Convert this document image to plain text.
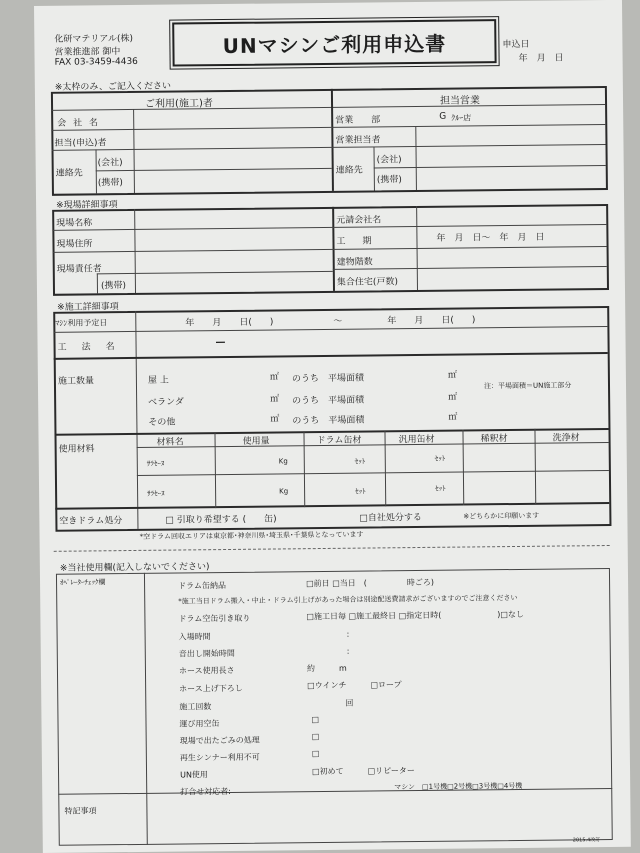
化研マテリアル(株)
営業推進部 御中
FAX 03-3459-4436
UNマシンご利用申込書	申込日
年　月　日
※太枠のみ、ご記入ください
ご利用(施工)者	担当営業
会 社 名
担当(申込)者
連絡先
(会社)
(携帯)
営業　　部	G ｸﾙｰ店
営業担当者
連絡先
(会社)
(携帯)
※現場詳細事項
現場名称
現場住所
現場責任者
(携帯)
元請会社名
工　期	年　月　日〜　年　月　日
建物階数
集合住宅(戸数)
※施工詳細事項
ﾏｼﾝ利用予定日	年　　月　　日(　　)	〜	年　　月　　日(　　)
工　法　名	—
施工数量	屋 上	㎡ のうち　平場面積	㎡
ベランダ	㎡ のうち　平場面積	㎡
その他	㎡ のうち　平場面積	㎡
注：平場面積＝UN施工部分
使用材料
材料名	使用量	ドラム缶材	汎用缶材	稀釈材	洗浄材
ｻﾗｾｰﾇ	Kg	ｾｯﾄ	ｾｯﾄ
ｻﾗｾｰﾇ	Kg	ｾｯﾄ	ｾｯﾄ
空きドラム処分	□ 引取り希望する (　　缶)	□自社処分する	※どちらかに印願います
*空ドラム回収エリアは東京都･神奈川県･埼玉県･千葉県となっています
※当社使用欄(記入しないでください)
ｵﾍﾟﾚｰﾀｰﾁｪｯｸ欄	ドラム缶納品	□前日 □当日　(　　　　　時ごろ)
*施工当日ドラム搬入・中止・ドラム引上げがあった場合は別途配送費請求がございますのでご注意ください
ドラム空缶引き取り	□施工日毎 □施工最終日 □指定日時(　　　　　　　)□なし
入場時間	:
音出し開始時間	:
ホース使用長さ	約　　　m
ホース上げ下ろし	□ウインチ　　　□ロープ
施工回数	回
運び用空缶	□
現場で出たごみの処理	□
再生シンナー利用不可	□
UN使用	□初めて　　　□リピーター
打合せ対応者:
マシン　□1号機□2号機□3号機□4号機
特記事項
2015.4改訂
